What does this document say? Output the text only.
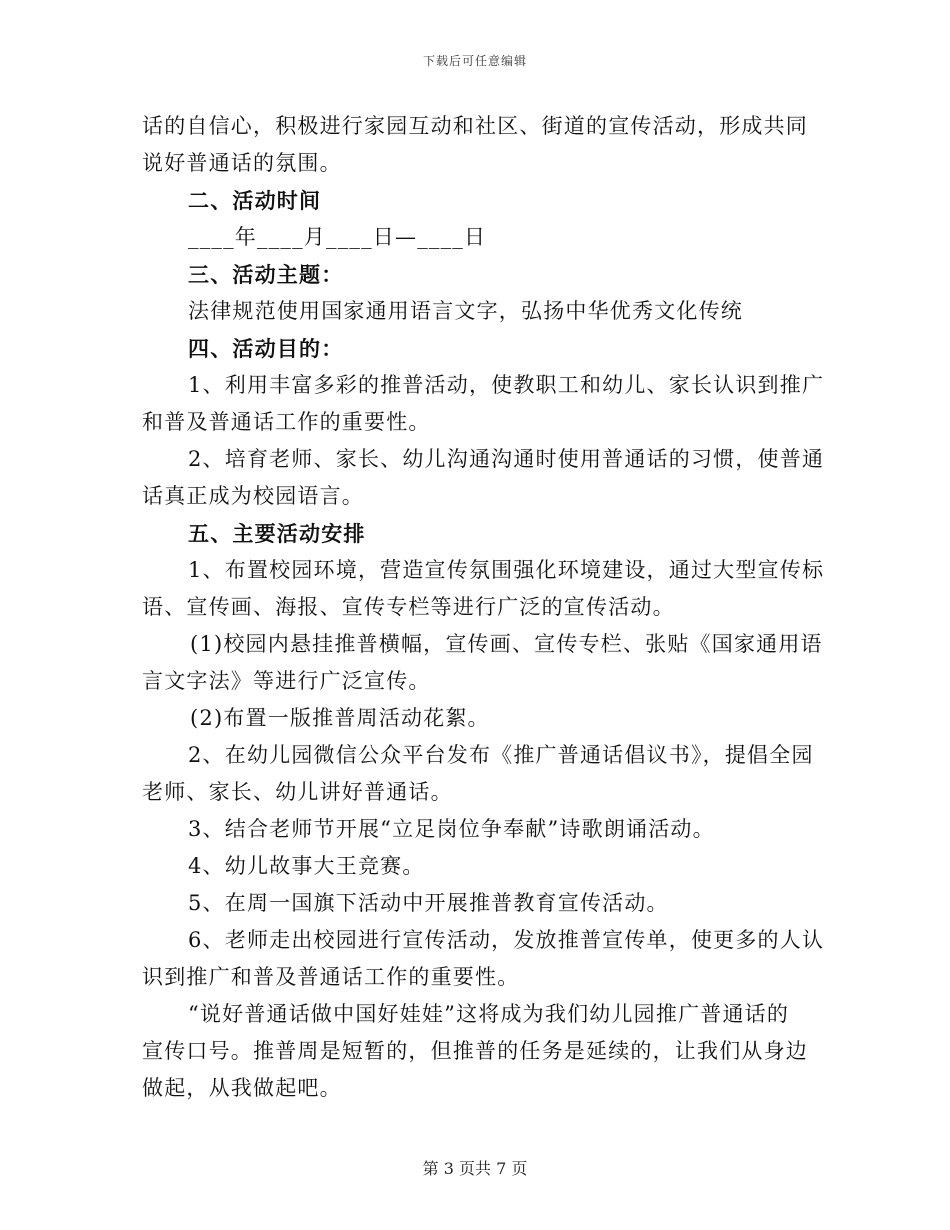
下载后可任意编辑
话的自信心，积极进行家园互动和社区、街道的宣传活动，形成共同
说好普通话的氛围。
二、活动时间
____年____月____日—____日
三、活动主题：
法律规范使用国家通用语言文字，弘扬中华优秀文化传统
四、活动目的：
1、利用丰富多彩的推普活动，使教职工和幼儿、家长认识到推广
和普及普通话工作的重要性。
2、培育老师、家长、幼儿沟通沟通时使用普通话的习惯，使普通
话真正成为校园语言。
五、主要活动安排
1、布置校园环境，营造宣传氛围强化环境建设，通过大型宣传标
语、宣传画、海报、宣传专栏等进行广泛的宣传活动。
(1)校园内悬挂推普横幅，宣传画、宣传专栏、张贴《国家通用语
言文字法》等进行广泛宣传。
(2)布置一版推普周活动花絮。
2、在幼儿园微信公众平台发布《推广普通话倡议书》，提倡全园
老师、家长、幼儿讲好普通话。
3、结合老师节开展“立足岗位争奉献”诗歌朗诵活动。
4、幼儿故事大王竞赛。
5、在周一国旗下活动中开展推普教育宣传活动。
6、老师走出校园进行宣传活动，发放推普宣传单，使更多的人认
识到推广和普及普通话工作的重要性。
“说好普通话做中国好娃娃”这将成为我们幼儿园推广普通话的
宣传口号。推普周是短暂的，但推普的任务是延续的，让我们从身边
做起，从我做起吧。
第 3 页共 7 页
